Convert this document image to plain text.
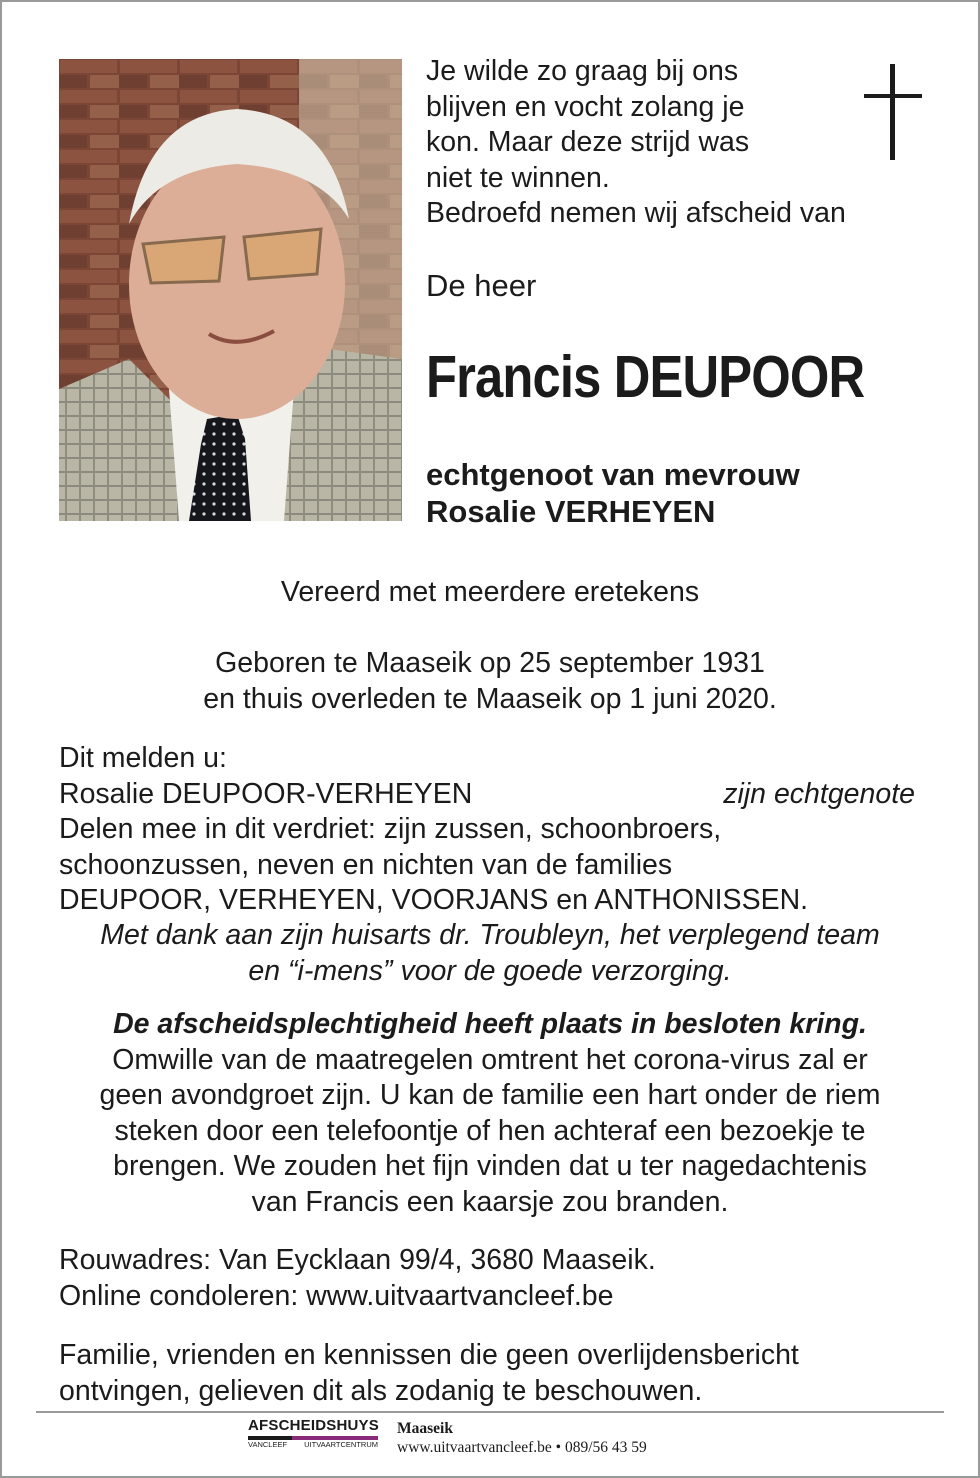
Je wilde zo graag bij ons
blijven en vocht zolang je
kon. Maar deze strijd was
niet te winnen.
Bedroefd nemen wij afscheid van
De heer
Francis DEUPOOR
echtgenoot van mevrouw
Rosalie VERHEYEN
Vereerd met meerdere eretekens
Geboren te Maaseik op 25 september 1931
en thuis overleden te Maaseik op 1 juni 2020.
Dit melden u:
Rosalie DEUPOOR-VERHEYEN	zijn echtgenote
Delen mee in dit verdriet: zijn zussen, schoonbroers,
schoonzussen, neven en nichten van de families
DEUPOOR, VERHEYEN, VOORJANS en ANTHONISSEN.
Met dank aan zijn huisarts dr. Troubleyn, het verplegend team
en “i-mens” voor de goede verzorging.
De afscheidsplechtigheid heeft plaats in besloten kring.
Omwille van de maatregelen omtrent het corona-virus zal er
geen avondgroet zijn. U kan de familie een hart onder de riem
steken door een telefoontje of hen achteraf een bezoekje te
brengen. We zouden het fijn vinden dat u ter nagedachtenis
van Francis een kaarsje zou branden.
Rouwadres: Van Eycklaan 99/4, 3680 Maaseik.
Online condoleren: www.uitvaartvancleef.be
Familie, vrienden en kennissen die geen overlijdensbericht
ontvingen, gelieven dit als zodanig te beschouwen.
AFSCHEIDSHUYS
VANCLEEF UITVAARTCENTRUM
Maaseik
www.uitvaartvancleef.be • 089/56 43 59
